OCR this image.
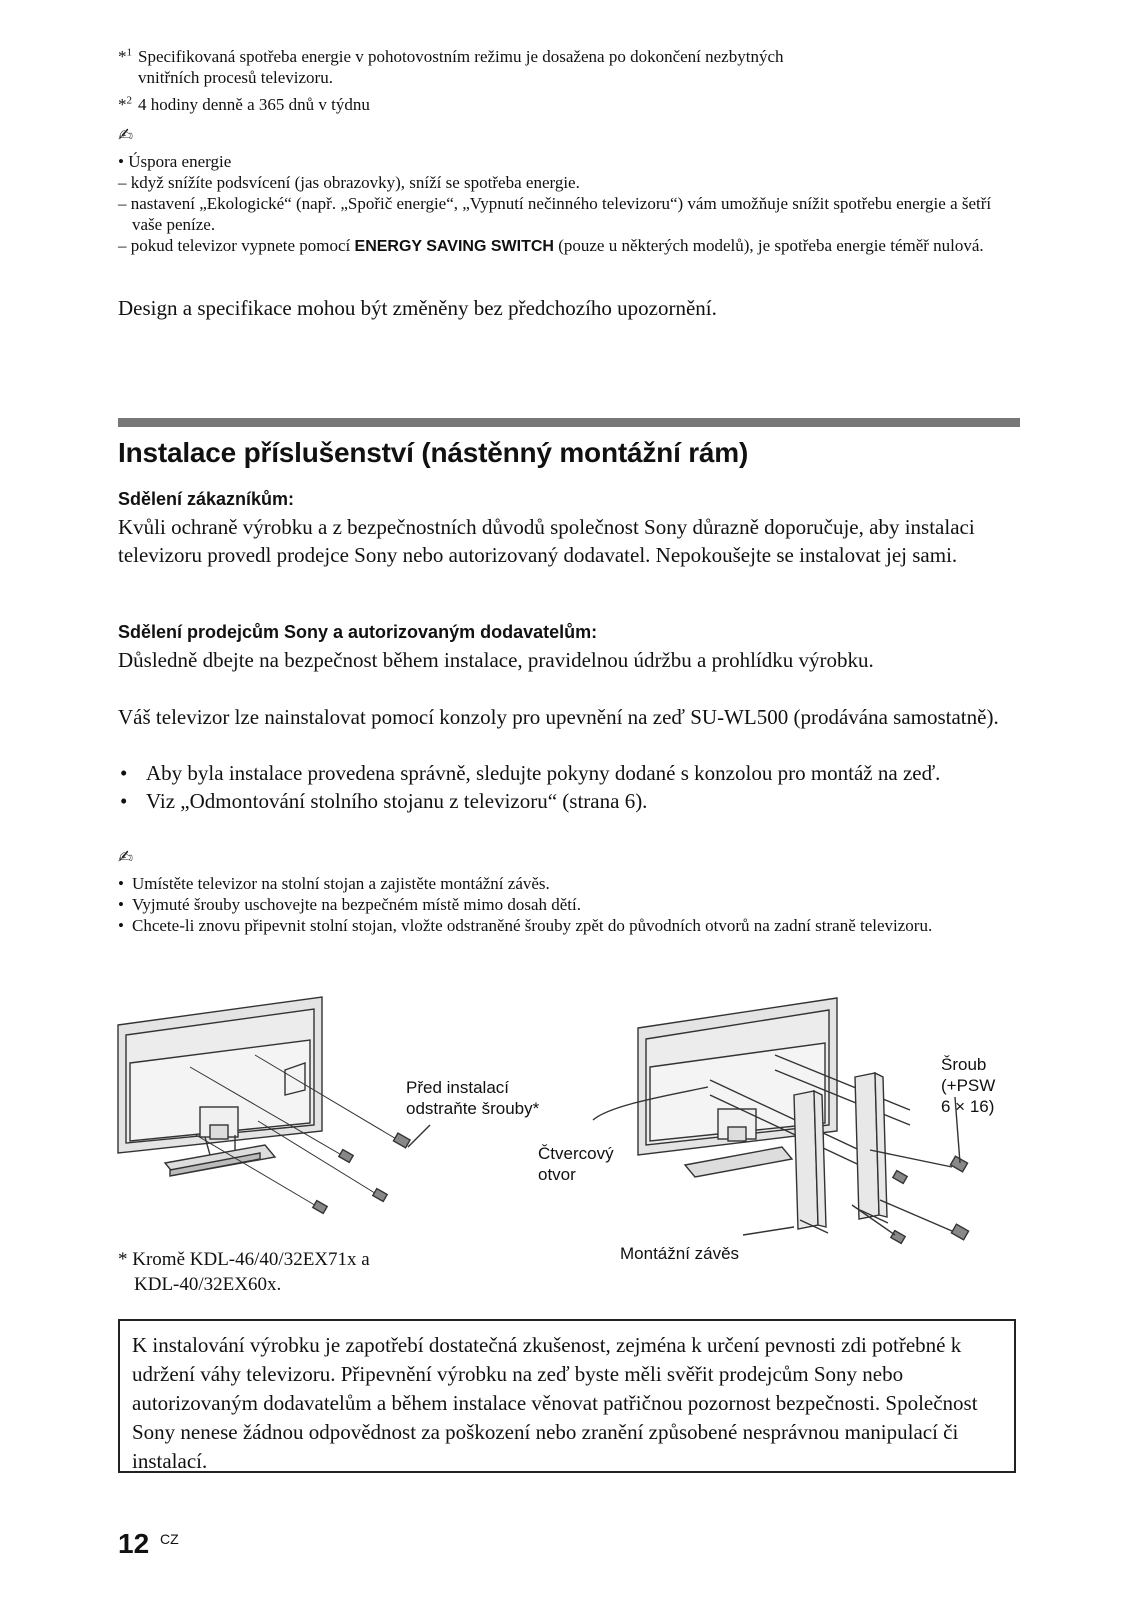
*$^1$ Specifikovaná spotřeba energie v pohotovostním režimu je dosažena po dokončení nezbytných
vnitřních procesů televizoru.
*$^2$ 4 hodiny denně a 365 dnů v týdnu
✍
• Úspora energie
– když snížíte podsvícení (jas obrazovky), sníží se spotřeba energie.
– nastavení „Ekologické“ (např. „Spořič energie“, „Vypnutí nečinného televizoru“) vám umožňuje snížit spotřebu energie a šetří vaše peníze.
– pokud televizor vypnete pomocí ENERGY SAVING SWITCH (pouze u některých modelů), je spotřeba energie téměř nulová.
Design a specifikace mohou být změněny bez předchozího upozornění.
Instalace příslušenství (nástěnný montážní rám)
Sdělení zákazníkům:
Kvůli ochraně výrobku a z bezpečnostních důvodů společnost Sony důrazně doporučuje, aby instalaci televizoru provedl prodejce Sony nebo autorizovaný dodavatel. Nepokoušejte se instalovat jej sami.
Sdělení prodejcům Sony a autorizovaným dodavatelům:
Důsledně dbejte na bezpečnost během instalace, pravidelnou údržbu a prohlídku výrobku.
Váš televizor lze nainstalovat pomocí konzoly pro upevnění na zeď SU-WL500 (prodávána samostatně).
• Aby byla instalace provedena správně, sledujte pokyny dodané s konzolou pro montáž na zeď.
• Viz „Odmontování stolního stojanu z televizoru“ (strana 6).
✍
• Umístěte televizor na stolní stojan a zajistěte montážní závěs.
• Vyjmuté šrouby uschovejte na bezpečném místě mimo dosah dětí.
• Chcete-li znovu připevnit stolní stojan, vložte odstraněné šrouby zpět do původních otvorů na zadní straně televizoru.
Před instalací
odstraňte šrouby*
Čtvercový
otvor
Šroub
(+PSW
6 × 16)
Montážní závěs
* Kromě KDL-46/40/32EX71x a
KDL-40/32EX60x.
K instalování výrobku je zapotřebí dostatečná zkušenost, zejména k určení pevnosti zdi potřebné k udržení váhy televizoru. Připevnění výrobku na zeď byste měli svěřit prodejcům Sony nebo autorizovaným dodavatelům a během instalace věnovat patřičnou pozornost bezpečnosti. Společnost Sony nenese žádnou odpovědnost za poškození nebo zranění způsobené nesprávnou manipulací či instalací.
12 CZ
